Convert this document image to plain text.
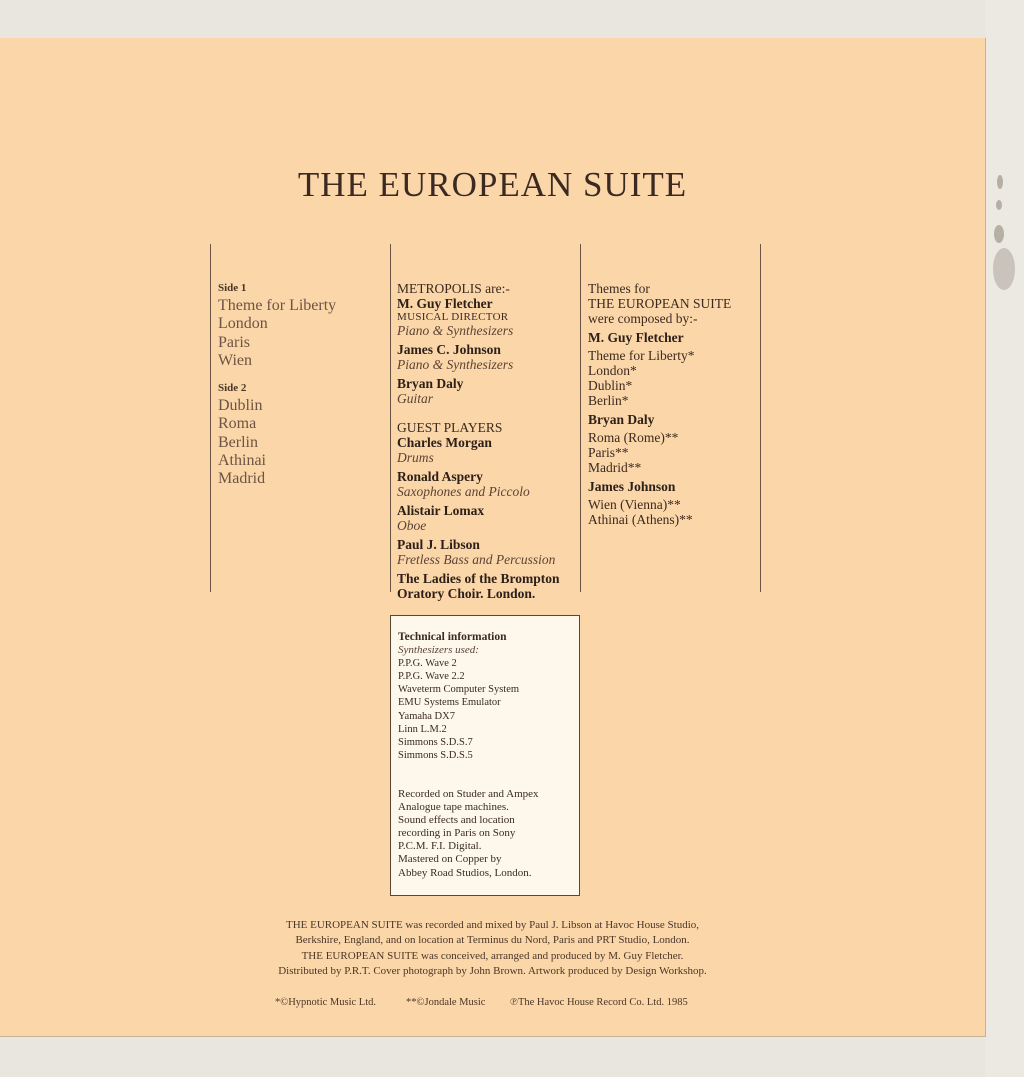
THE EUROPEAN SUITE
Side 1
Theme for Liberty
London
Paris
Wien
Side 2
Dublin
Roma
Berlin
Athinai
Madrid
METROPOLIS are:-
M. Guy Fletcher
MUSICAL DIRECTOR
Piano & Synthesizers
James C. Johnson
Piano & Synthesizers
Bryan Daly
Guitar
GUEST PLAYERS
Charles Morgan
Drums
Ronald Aspery
Saxophones and Piccolo
Alistair Lomax
Oboe
Paul J. Libson
Fretless Bass and Percussion
The Ladies of the Brompton
Oratory Choir. London.
Themes for
THE EUROPEAN SUITE
were composed by:-
M. Guy Fletcher
Theme for Liberty*
London*
Dublin*
Berlin*
Bryan Daly
Roma (Rome)**
Paris**
Madrid**
James Johnson
Wien (Vienna)**
Athinai (Athens)**
Technical information
Synthesizers used:
P.P.G. Wave 2
P.P.G. Wave 2.2
Waveterm Computer System
EMU Systems Emulator
Yamaha DX7
Linn L.M.2
Simmons S.D.S.7
Simmons S.D.S.5
Recorded on Studer and Ampex
Analogue tape machines.
Sound effects and location
recording in Paris on Sony
P.C.M. F.I. Digital.
Mastered on Copper by
Abbey Road Studios, London.
THE EUROPEAN SUITE was recorded and mixed by Paul J. Libson at Havoc House Studio,
Berkshire, England, and on location at Terminus du Nord, Paris and PRT Studio, London.
THE EUROPEAN SUITE was conceived, arranged and produced by M. Guy Fletcher.
Distributed by P.R.T. Cover photograph by John Brown. Artwork produced by Design Workshop.
*©Hypnotic Music Ltd.	**©Jondale Music ℗The Havoc House Record Co. Ltd. 1985
